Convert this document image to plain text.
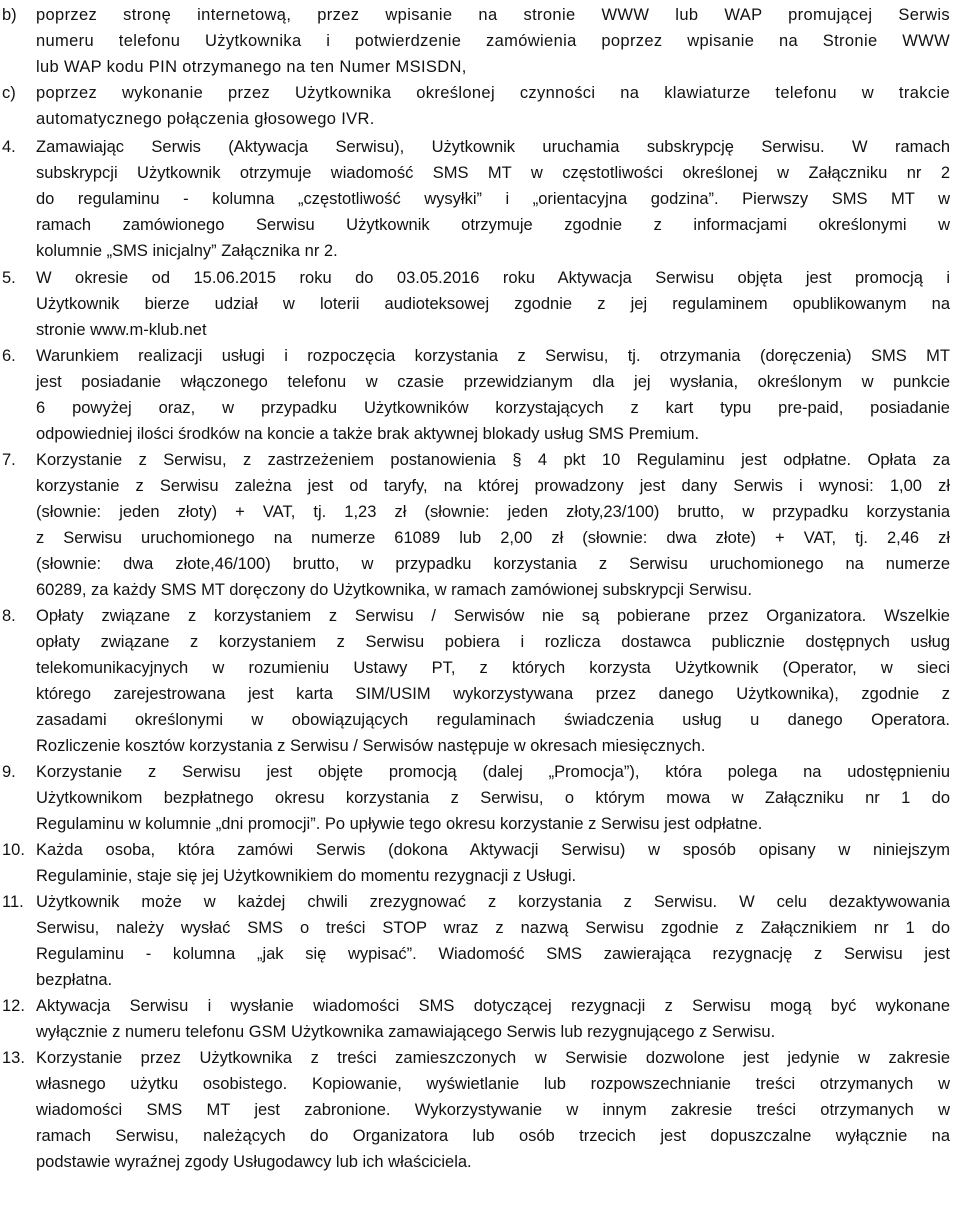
b) poprzez stronę internetową, przez wpisanie na stronie WWW lub WAP promującej Serwis
numeru telefonu Użytkownika i potwierdzenie zamówienia poprzez wpisanie na Stronie WWW
lub WAP kodu PIN otrzymanego na ten Numer MSISDN,
c) poprzez wykonanie przez Użytkownika określonej czynności na klawiaturze telefonu w trakcie
automatycznego połączenia głosowego IVR.
4. Zamawiając Serwis (Aktywacja Serwisu), Użytkownik uruchamia subskrypcję Serwisu. W ramach
subskrypcji Użytkownik otrzymuje wiadomość SMS MT w częstotliwości określonej w Załączniku nr 2
do regulaminu - kolumna „częstotliwość wysyłki” i „orientacyjna godzina”. Pierwszy SMS MT w
ramach zamówionego Serwisu Użytkownik otrzymuje zgodnie z informacjami określonymi w
kolumnie „SMS inicjalny” Załącznika nr 2.
5. W okresie od 15.06.2015 roku do 03.05.2016 roku Aktywacja Serwisu objęta jest promocją i
Użytkownik bierze udział w loterii audioteksowej zgodnie z jej regulaminem opublikowanym na
stronie www.m-klub.net
6. Warunkiem realizacji usługi i rozpoczęcia korzystania z Serwisu, tj. otrzymania (doręczenia) SMS MT
jest posiadanie włączonego telefonu w czasie przewidzianym dla jej wysłania, określonym w punkcie
6 powyżej oraz, w przypadku Użytkowników korzystających z kart typu pre-paid, posiadanie
odpowiedniej ilości środków na koncie a także brak aktywnej blokady usług SMS Premium.
7. Korzystanie z Serwisu, z zastrzeżeniem postanowienia § 4 pkt 10 Regulaminu jest odpłatne. Opłata za
korzystanie z Serwisu zależna jest od taryfy, na której prowadzony jest dany Serwis i wynosi: 1,00 zł
(słownie: jeden złoty) + VAT, tj. 1,23 zł (słownie: jeden złoty,23/100) brutto, w przypadku korzystania
z Serwisu uruchomionego na numerze 61089 lub 2,00 zł (słownie: dwa złote) + VAT, tj. 2,46 zł
(słownie: dwa złote,46/100) brutto, w przypadku korzystania z Serwisu uruchomionego na numerze
60289, za każdy SMS MT doręczony do Użytkownika, w ramach zamówionej subskrypcji Serwisu.
8. Opłaty związane z korzystaniem z Serwisu / Serwisów nie są pobierane przez Organizatora. Wszelkie
opłaty związane z korzystaniem z Serwisu pobiera i rozlicza dostawca publicznie dostępnych usług
telekomunikacyjnych w rozumieniu Ustawy PT, z których korzysta Użytkownik (Operator, w sieci
którego zarejestrowana jest karta SIM/USIM wykorzystywana przez danego Użytkownika), zgodnie z
zasadami określonymi w obowiązujących regulaminach świadczenia usług u danego Operatora.
Rozliczenie kosztów korzystania z Serwisu / Serwisów następuje w okresach miesięcznych.
9. Korzystanie z Serwisu jest objęte promocją (dalej „Promocja”), która polega na udostępnieniu
Użytkownikom bezpłatnego okresu korzystania z Serwisu, o którym mowa w Załączniku nr 1 do
Regulaminu w kolumnie „dni promocji”. Po upływie tego okresu korzystanie z Serwisu jest odpłatne.
10. Każda osoba, która zamówi Serwis (dokona Aktywacji Serwisu) w sposób opisany w niniejszym
Regulaminie, staje się jej Użytkownikiem do momentu rezygnacji z Usługi.
11. Użytkownik może w każdej chwili zrezygnować z korzystania z Serwisu. W celu dezaktywowania
Serwisu, należy wysłać SMS o treści STOP wraz z nazwą Serwisu zgodnie z Załącznikiem nr 1 do
Regulaminu - kolumna „jak się wypisać”. Wiadomość SMS zawierająca rezygnację z Serwisu jest
bezpłatna.
12. Aktywacja Serwisu i wysłanie wiadomości SMS dotyczącej rezygnacji z Serwisu mogą być wykonane
wyłącznie z numeru telefonu GSM Użytkownika zamawiającego Serwis lub rezygnującego z Serwisu.
13. Korzystanie przez Użytkownika z treści zamieszczonych w Serwisie dozwolone jest jedynie w zakresie
własnego użytku osobistego. Kopiowanie, wyświetlanie lub rozpowszechnianie treści otrzymanych w
wiadomości SMS MT jest zabronione. Wykorzystywanie w innym zakresie treści otrzymanych w
ramach Serwisu, należących do Organizatora lub osób trzecich jest dopuszczalne wyłącznie na
podstawie wyraźnej zgody Usługodawcy lub ich właściciela.
